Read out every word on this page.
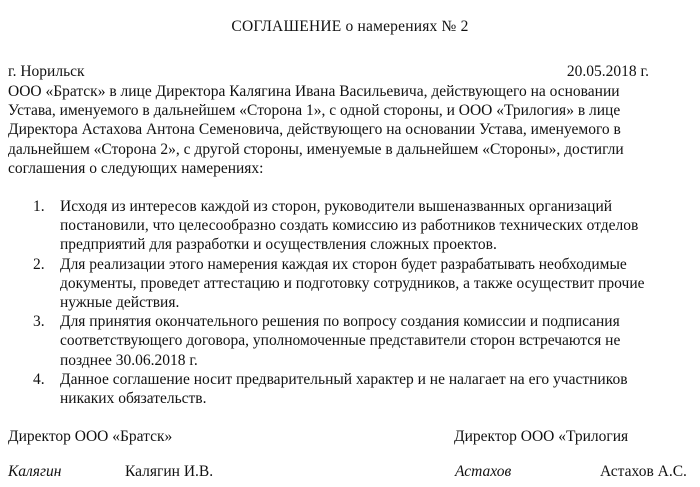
СОГЛАШЕНИЕ о намерениях № 2
г. Норильск	20.05.2018 г.
ООО «Братск» в лице Директора Калягина Ивана Васильевича, действующего на основании
Устава, именуемого в дальнейшем «Сторона 1», с одной стороны, и ООО «Трилогия» в лице
Директора Астахова Антона Семеновича, действующего на основании Устава, именуемого в
дальнейшем «Сторона 2», с другой стороны, именуемые в дальнейшем «Стороны», достигли
соглашения о следующих намерениях:
1. Исходя из интересов каждой из сторон, руководители вышеназванных организаций
постановили, что целесообразно создать комиссию из работников технических отделов
предприятий для разработки и осуществления сложных проектов.
2. Для реализации этого намерения каждая их сторон будет разрабатывать необходимые
документы, проведет аттестацию и подготовку сотрудников, а также осуществит прочие
нужные действия.
3. Для принятия окончательного решения по вопросу создания комиссии и подписания
соответствующего договора, уполномоченные представители сторон встречаются не
позднее 30.06.2018 г.
4. Данное соглашение носит предварительный характер и не налагает на его участников
никаких обязательств.
Директор ООО «Братск»	Директор ООО «Трилогия
Калягин	Калягин И.В.	Астахов	Астахов А.С.
